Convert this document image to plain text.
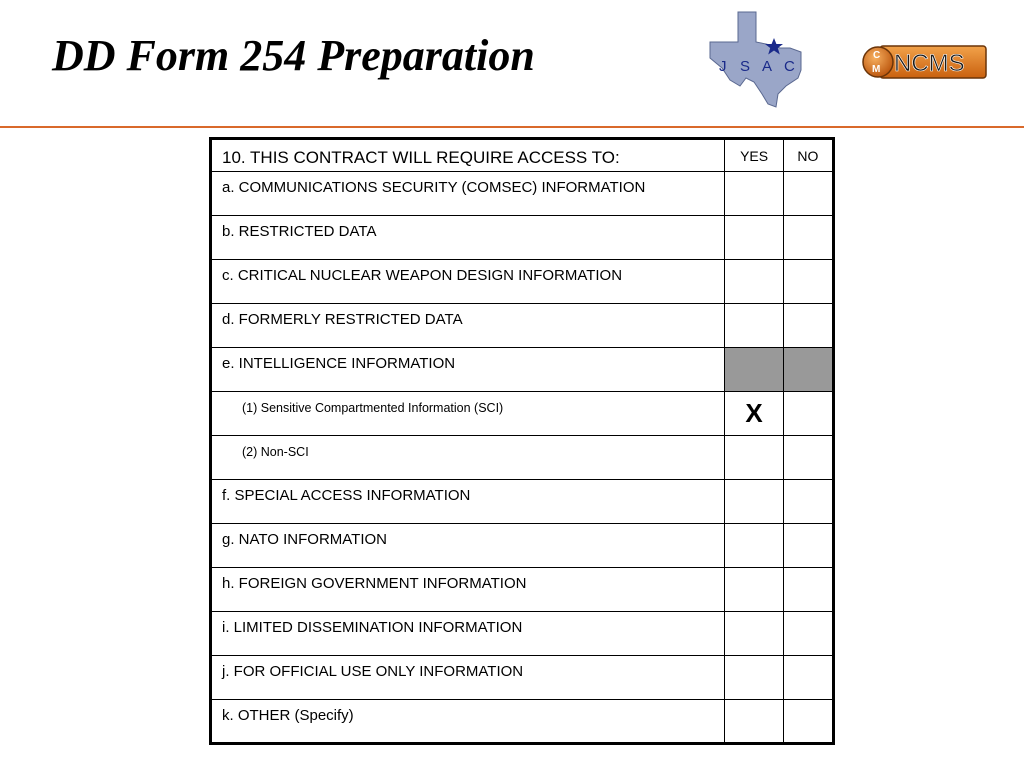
DD Form 254 Preparation	J S A C
C
M NCMS
10. THIS CONTRACT WILL REQUIRE ACCESS TO:	YES	NO
a. COMMUNICATIONS SECURITY (COMSEC) INFORMATION		
b. RESTRICTED DATA		
c. CRITICAL NUCLEAR WEAPON DESIGN INFORMATION		
d. FORMERLY RESTRICTED DATA		
e. INTELLIGENCE INFORMATION		
(1) Sensitive Compartmented Information (SCI)	X	
(2) Non-SCI		
f. SPECIAL ACCESS INFORMATION		
g. NATO INFORMATION		
h. FOREIGN GOVERNMENT INFORMATION		
i. LIMITED DISSEMINATION INFORMATION		
j. FOR OFFICIAL USE ONLY INFORMATION		
k. OTHER (Specify)		
